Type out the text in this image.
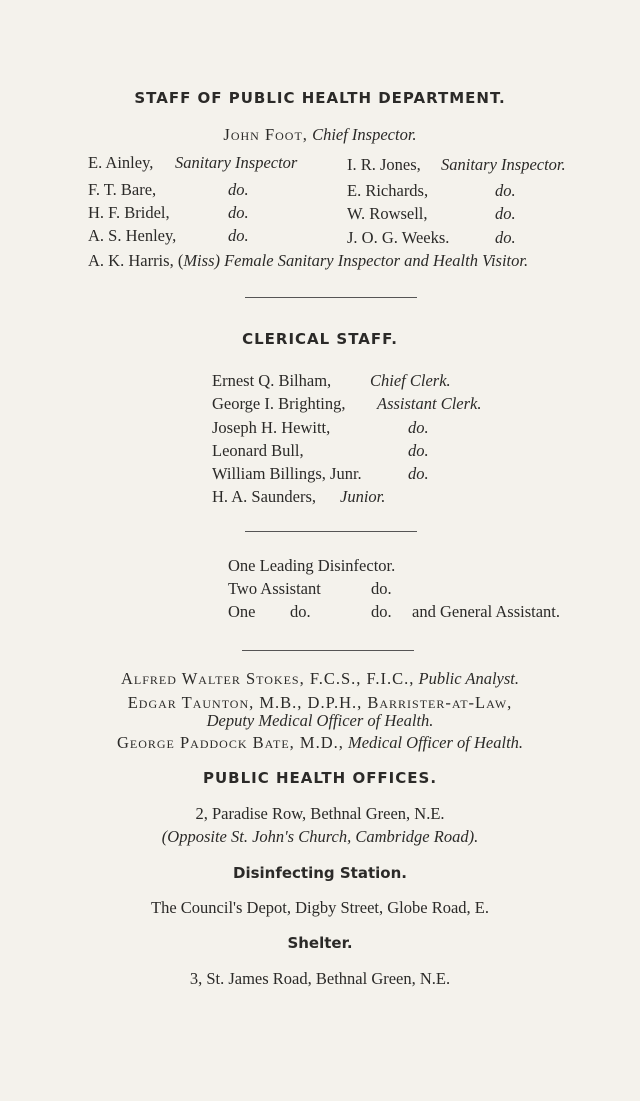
STAFF OF PUBLIC HEALTH DEPARTMENT.
John Foot, Chief Inspector.
E. Ainley, Sanitary Inspector
F. T. Bare,	do.
H. F. Bridel,	do.
A. S. Henley,	do.
I. R. Jones, Sanitary Inspector.
E. Richards,	do.
W. Rowsell,	do.
J. O. G. Weeks.	do.
A. K. Harris, (Miss) Female Sanitary Inspector and Health Visitor.
CLERICAL STAFF.
Ernest Q. Bilham, Chief Clerk.
George I. Brighting, Assistant Clerk.
Joseph H. Hewitt,	do.
Leonard Bull,	do.
William Billings, Junr.	do.
H. A. Saunders, Junior.
One Leading Disinfector.
Two Assistant	do.
One do.	do. and General Assistant.
Alfred Walter Stokes, F.C.S., F.I.C., Public Analyst.
Edgar Taunton, M.B., D.P.H., Barrister-at-Law,
Deputy Medical Officer of Health.
George Paddock Bate, M.D., Medical Officer of Health.
PUBLIC HEALTH OFFICES.
2, Paradise Row, Bethnal Green, N.E.
(Opposite St. John's Church, Cambridge Road).
Disinfecting Station.
The Council's Depot, Digby Street, Globe Road, E.
Shelter.
3, St. James Road, Bethnal Green, N.E.
